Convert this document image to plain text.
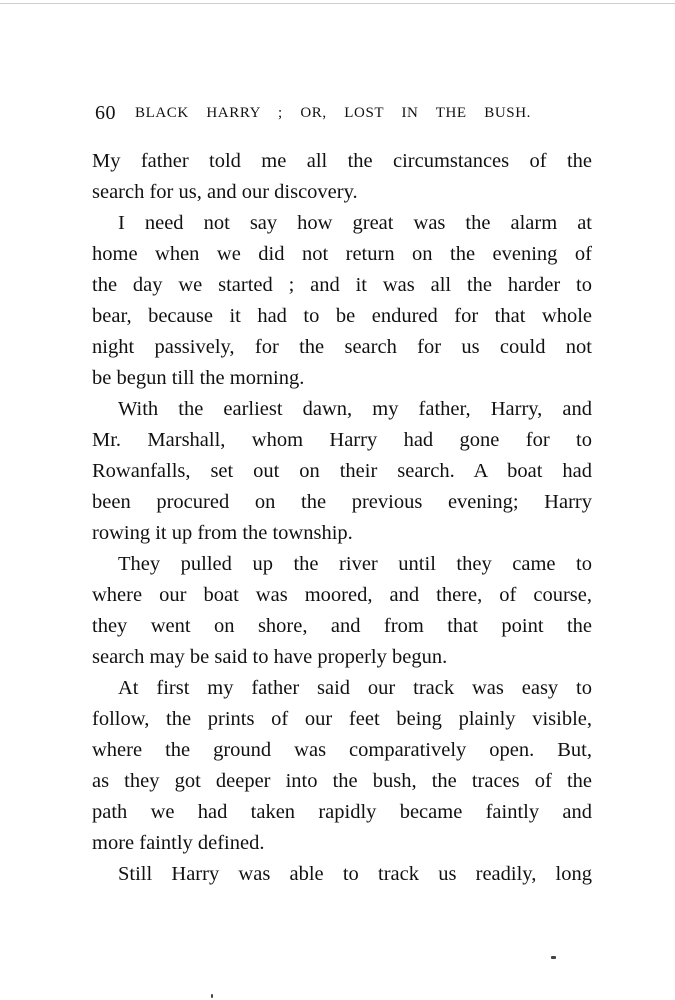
60 BLACK HARRY ; OR, LOST IN THE BUSH.
My father told me all the circumstances of the
search for us, and our discovery.
I need not say how great was the alarm at
home when we did not return on the evening of
the day we started ; and it was all the harder to
bear, because it had to be endured for that whole
night passively, for the search for us could not
be begun till the morning.
With the earliest dawn, my father, Harry, and
Mr. Marshall, whom Harry had gone for to
Rowanfalls, set out on their search. A boat had
been procured on the previous evening; Harry
rowing it up from the township.
They pulled up the river until they came to
where our boat was moored, and there, of course,
they went on shore, and from that point the
search may be said to have properly begun.
At first my father said our track was easy to
follow, the prints of our feet being plainly visible,
where the ground was comparatively open. But,
as they got deeper into the bush, the traces of the
path we had taken rapidly became faintly and
more faintly defined.
Still Harry was able to track us readily, long
